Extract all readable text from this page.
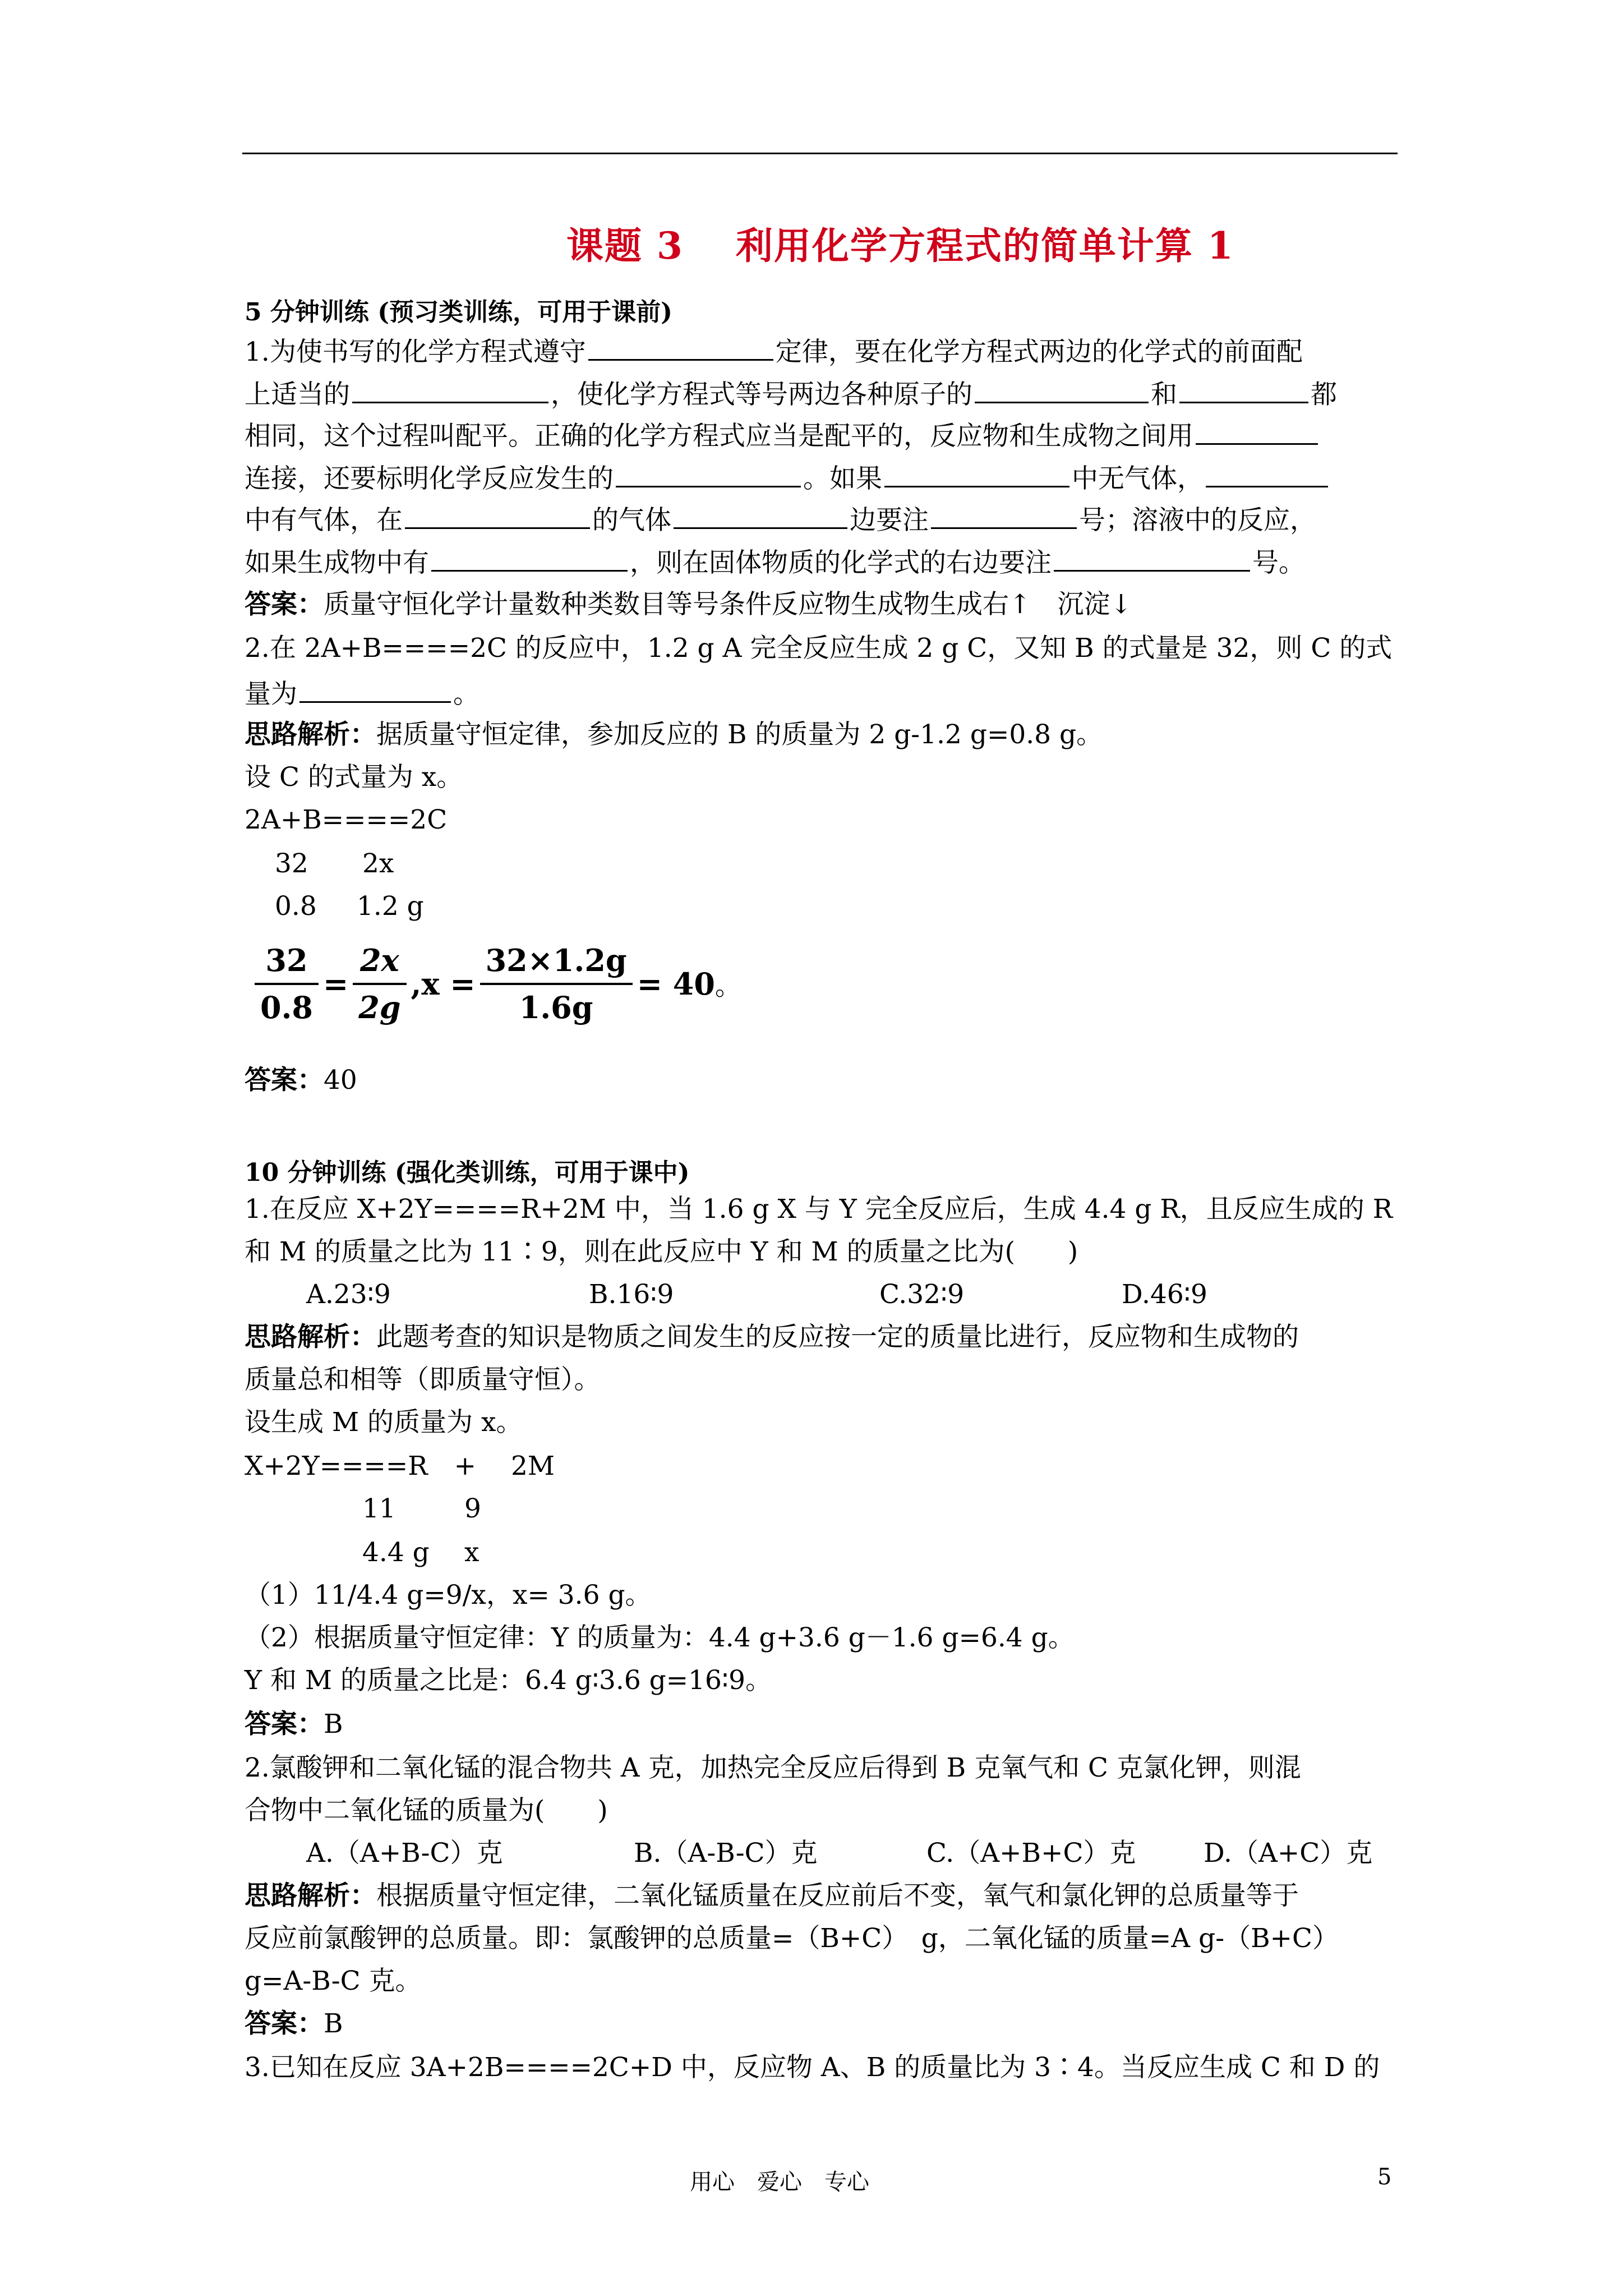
课题 3　 利用化学方程式的简单计算 1
5 分钟训练 (预习类训练，可用于课前)
1.为使书写的化学方程式遵守	定律，要在化学方程式两边的化学式的前面配
上适当的	，使化学方程式等号两边各种原子的	和	都
相同，这个过程叫配平。正确的化学方程式应当是配平的，反应物和生成物之间用
连接，还要标明化学反应发生的	。如果	中无气体，
中有气体，在	的气体	边要注	号；溶液中的反应，
如果生成物中有	，则在固体物质的化学式的右边要注	号。
答案：质量守恒化学计量数种类数目等号条件反应物生成物生成右↑　沉淀↓
2.在 2A+B====2C 的反应中，1.2 g A 完全反应生成 2 g C，又知 B 的式量是 32，则 C 的式
量为	。
思路解析：据质量守恒定律，参加反应的 B 的质量为 2 g-1.2 g=0.8 g。
设 C 的式量为 x。
2A+B====2C
32 2x
0.8 1.2 g
$\frac{32}{0.8} = \frac{2x}{2g} ,x = \frac{32\times 1.2g}{1.6g} = 40$。
答案：40
10 分钟训练 (强化类训练，可用于课中)
1.在反应 X+2Y====R+2M 中，当 1.6 g X 与 Y 完全反应后，生成 4.4 g R，且反应生成的 R
和 M 的质量之比为 11∶9，则在此反应中 Y 和 M 的质量之比为(　　)
A.23∶9	B.16∶9	C.32∶9	D.46∶9
思路解析：此题考查的知识是物质之间发生的反应按一定的质量比进行，反应物和生成物的
质量总和相等（即质量守恒）。
设生成 M 的质量为 x。
X+2Y====R　+　 2M
11	9
4.4 g x
（1）11/4.4 g=9/x，x= 3.6 g。
（2）根据质量守恒定律：Y 的质量为：4.4 g+3.6 g－1.6 g=6.4 g。
Y 和 M 的质量之比是：6.4 g∶3.6 g=16∶9。
答案：B
2.氯酸钾和二氧化锰的混合物共 A 克，加热完全反应后得到 B 克氧气和 C 克氯化钾，则混
合物中二氧化锰的质量为(　　)
A.（A+B-C）克	B.（A-B-C）克	C.（A+B+C）克	D.（A+C）克
思路解析：根据质量守恒定律，二氧化锰质量在反应前后不变，氧气和氯化钾的总质量等于
反应前氯酸钾的总质量。即：氯酸钾的总质量=（B+C）　g，二氧化锰的质量=A g-（B+C）
g=A-B-C 克。
答案：B
3.已知在反应 3A+2B====2C+D 中，反应物 A、B 的质量比为 3∶4。当反应生成 C 和 D 的
用心　爱心　专心	5
